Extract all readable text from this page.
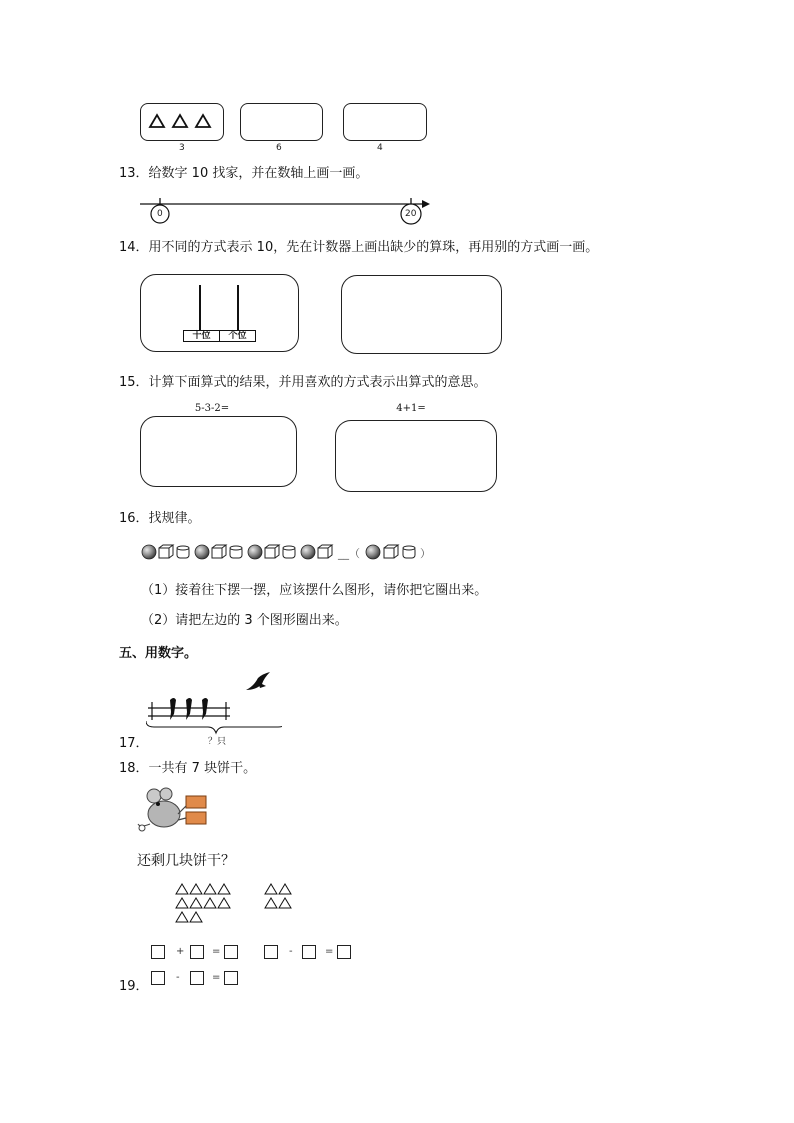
3	6	4
13．给数字 10 找家，并在数轴上画一画。
0	20
14．用不同的方式表示 10，先在计数器上画出缺少的算珠，再用别的方式画一画。
十位	个位
15．计算下面算式的结果，并用喜欢的方式表示出算式的意思。
5-3-2=	4+1=
16．找规律。
__（	）
（1）接着往下摆一摆，应该摆什么图形，请你把它圈出来。
（2）请把左边的 3 个图形圈出来。
五、用数字。
？只
17．
18．一共有 7 块饼干。
还剩几块饼干？
+	=	-	=
19．
-	=
